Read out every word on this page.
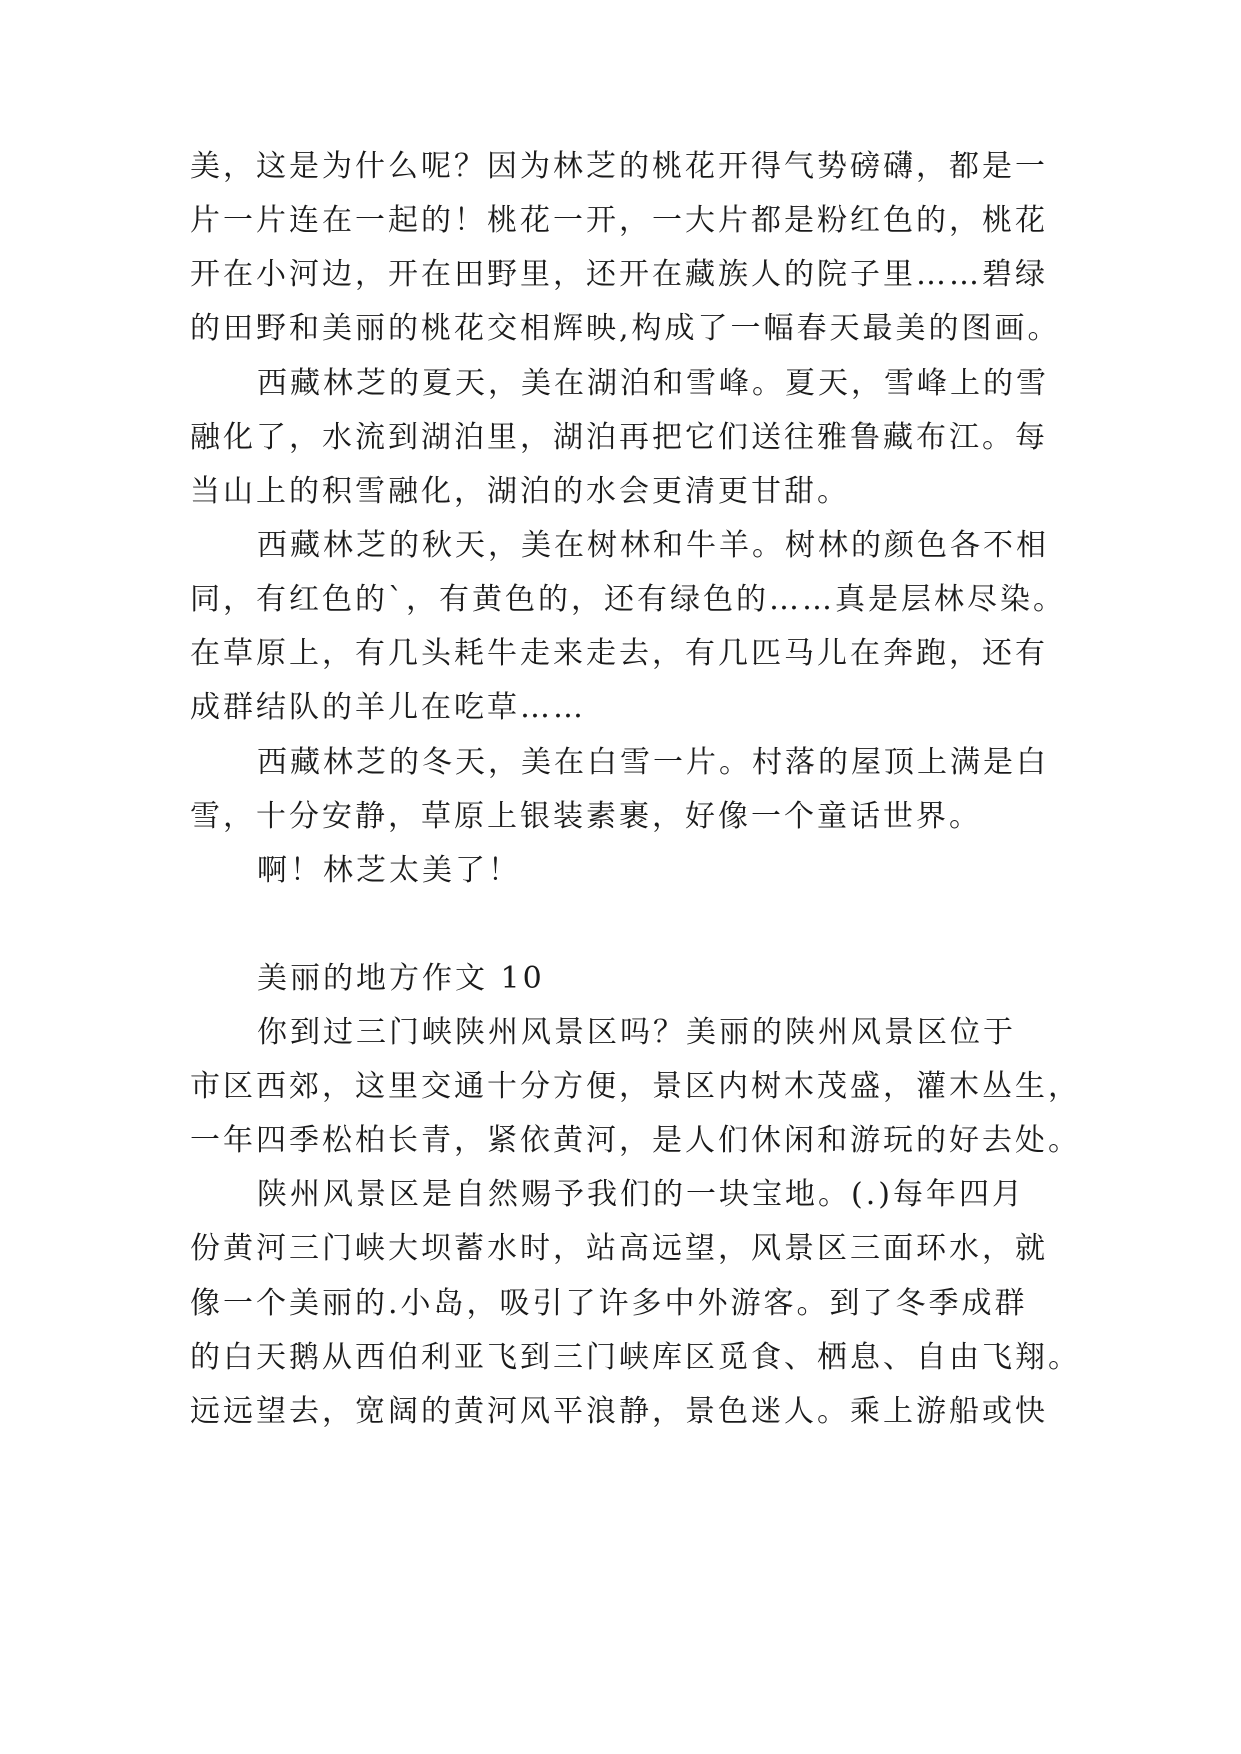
美，这是为什么呢？因为林芝的桃花开得气势磅礴，都是一
片一片连在一起的！桃花一开，一大片都是粉红色的，桃花
开在小河边，开在田野里，还开在藏族人的院子里……碧绿
的田野和美丽的桃花交相辉映,构成了一幅春天最美的图画。
西藏林芝的夏天，美在湖泊和雪峰。夏天，雪峰上的雪
融化了，水流到湖泊里，湖泊再把它们送往雅鲁藏布江。每
当山上的积雪融化，湖泊的水会更清更甘甜。
西藏林芝的秋天，美在树林和牛羊。树林的颜色各不相
同，有红色的`，有黄色的，还有绿色的……真是层林尽染。
在草原上，有几头耗牛走来走去，有几匹马儿在奔跑，还有
成群结队的羊儿在吃草……
西藏林芝的冬天，美在白雪一片。村落的屋顶上满是白
雪，十分安静，草原上银装素裹，好像一个童话世界。
啊！林芝太美了！
美丽的地方作文 10
你到过三门峡陕州风景区吗？美丽的陕州风景区位于
市区西郊，这里交通十分方便，景区内树木茂盛，灌木丛生，
一年四季松柏长青，紧依黄河，是人们休闲和游玩的好去处。
陕州风景区是自然赐予我们的一块宝地。(.)每年四月
份黄河三门峡大坝蓄水时，站高远望，风景区三面环水，就
像一个美丽的.小岛，吸引了许多中外游客。到了冬季成群
的白天鹅从西伯利亚飞到三门峡库区觅食、栖息、自由飞翔。
远远望去，宽阔的黄河风平浪静，景色迷人。乘上游船或快
